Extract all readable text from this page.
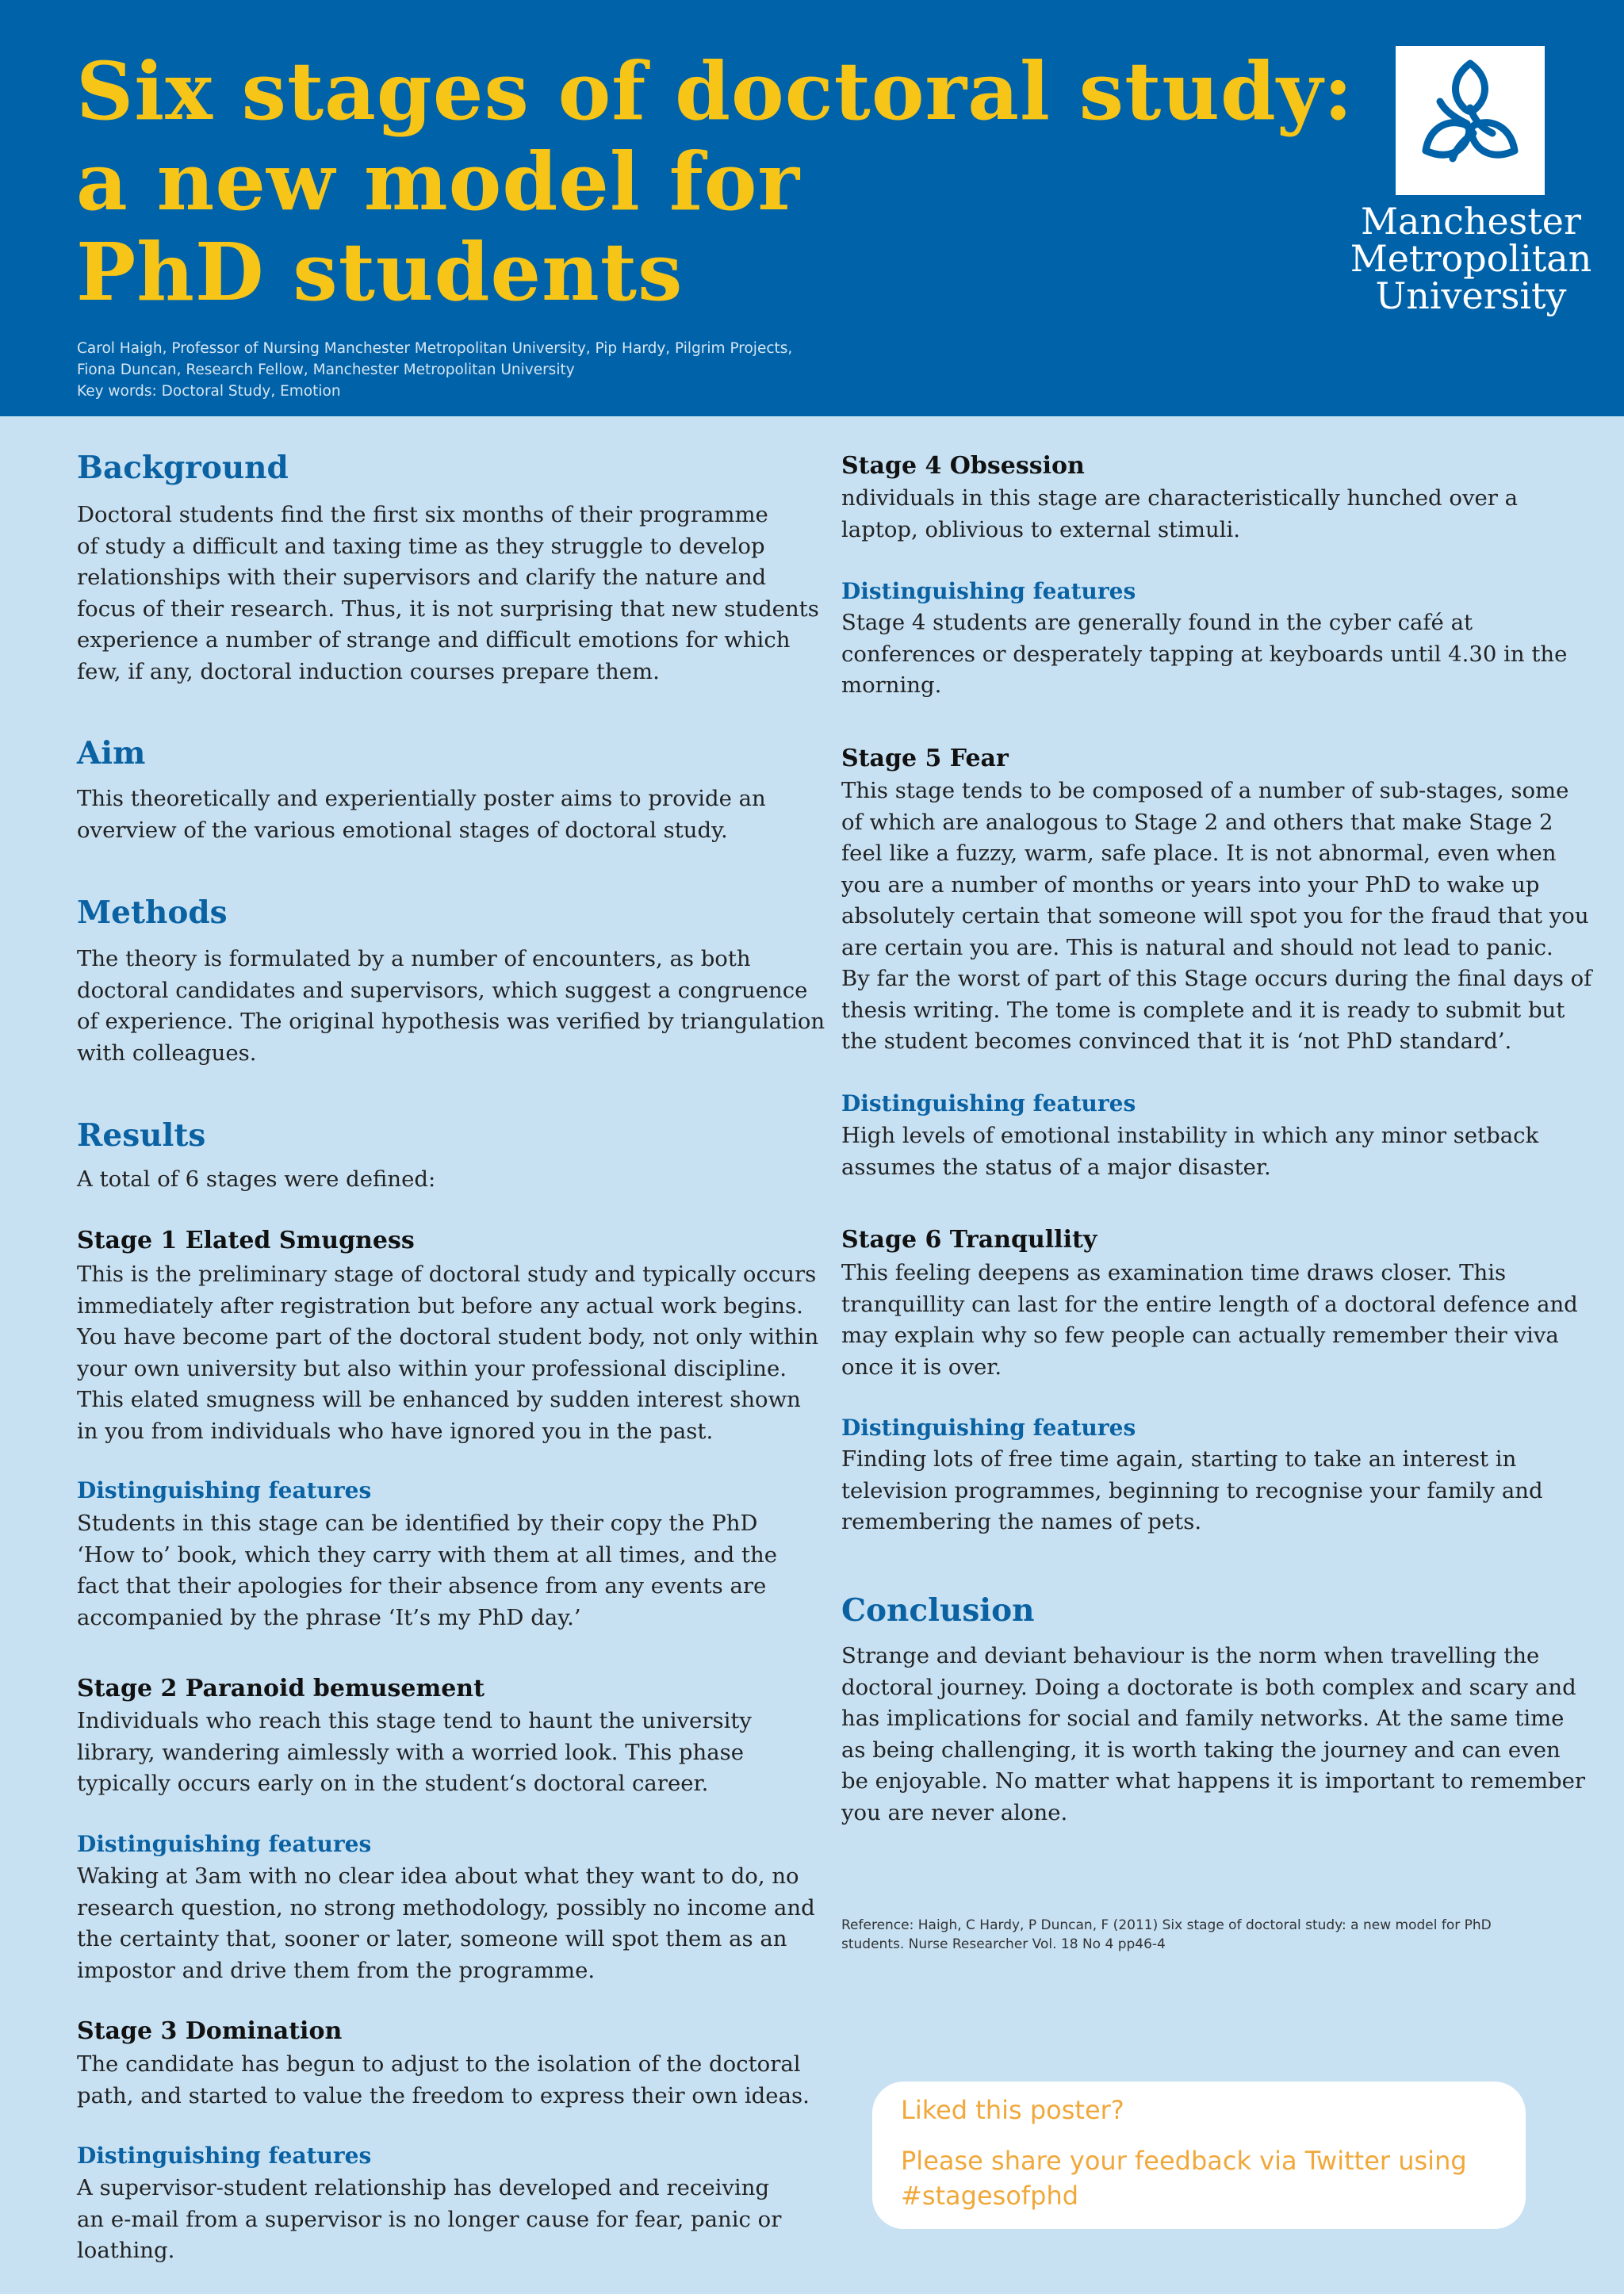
Six stages of doctoral study:
a new model for
PhD students
Carol Haigh, Professor of Nursing Manchester Metropolitan University, Pip Hardy, Pilgrim Projects,
Fiona Duncan, Research Fellow, Manchester Metropolitan University
Key words: Doctoral Study, Emotion
Manchester
Metropolitan
University
Background

Doctoral students find the first six months of their programme
of study a difficult and taxing time as they struggle to develop
relationships with their supervisors and clarify the nature and
focus of their research. Thus, it is not surprising that new students
experience a number of strange and difficult emotions for which
few, if any, doctoral induction courses prepare them.

Aim

This theoretically and experientially poster aims to provide an
overview of the various emotional stages of doctoral study.

Methods

The theory is formulated by a number of encounters, as both
doctoral candidates and supervisors, which suggest a congruence
of experience. The original hypothesis was verified by triangulation
with colleagues.

Results

A total of 6 stages were defined:

Stage 1 Elated Smugness

This is the preliminary stage of doctoral study and typically occurs
immediately after registration but before any actual work begins.
You have become part of the doctoral student body, not only within
your own university but also within your professional discipline.
This elated smugness will be enhanced by sudden interest shown
in you from individuals who have ignored you in the past.

Distinguishing features

Students in this stage can be identified by their copy the PhD
‘How to’ book, which they carry with them at all times, and the
fact that their apologies for their absence from any events are
accompanied by the phrase ‘It’s my PhD day.’

Stage 2 Paranoid bemusement

Individuals who reach this stage tend to haunt the university
library, wandering aimlessly with a worried look. This phase
typically occurs early on in the student‘s doctoral career.

Distinguishing features

Waking at 3am with no clear idea about what they want to do, no
research question, no strong methodology, possibly no income and
the certainty that, sooner or later, someone will spot them as an
impostor and drive them from the programme.

Stage 3 Domination

The candidate has begun to adjust to the isolation of the doctoral
path, and started to value the freedom to express their own ideas.

Distinguishing features

A supervisor-student relationship has developed and receiving
an e-mail from a supervisor is no longer cause for fear, panic or
loathing.

Stage 4 Obsession

ndividuals in this stage are characteristically hunched over a
laptop, oblivious to external stimuli.

Distinguishing features

Stage 4 students are generally found in the cyber café at
conferences or desperately tapping at keyboards until 4.30 in the
morning.

Stage 5 Fear

This stage tends to be composed of a number of sub-stages, some
of which are analogous to Stage 2 and others that make Stage 2
feel like a fuzzy, warm, safe place. It is not abnormal, even when
you are a number of months or years into your PhD to wake up
absolutely certain that someone will spot you for the fraud that you
are certain you are. This is natural and should not lead to panic.
By far the worst of part of this Stage occurs during the final days of
thesis writing. The tome is complete and it is ready to submit but
the student becomes convinced that it is ‘not PhD standard’.

Distinguishing features

High levels of emotional instability in which any minor setback
assumes the status of a major disaster.

Stage 6 Tranqullity

This feeling deepens as examination time draws closer. This
tranquillity can last for the entire length of a doctoral defence and
may explain why so few people can actually remember their viva
once it is over.

Distinguishing features

Finding lots of free time again, starting to take an interest in
television programmes, beginning to recognise your family and
remembering the names of pets.

Conclusion

Strange and deviant behaviour is the norm when travelling the
doctoral journey. Doing a doctorate is both complex and scary and
has implications for social and family networks. At the same time
as being challenging, it is worth taking the journey and can even
be enjoyable. No matter what happens it is important to remember
you are never alone.

Reference: Haigh, C Hardy, P Duncan, F (2011) Six stage of doctoral study: a new model for PhD
students. Nurse Researcher Vol. 18 No 4 pp46-4

Liked this poster?

Please share your feedback via Twitter using
#stagesofphd
